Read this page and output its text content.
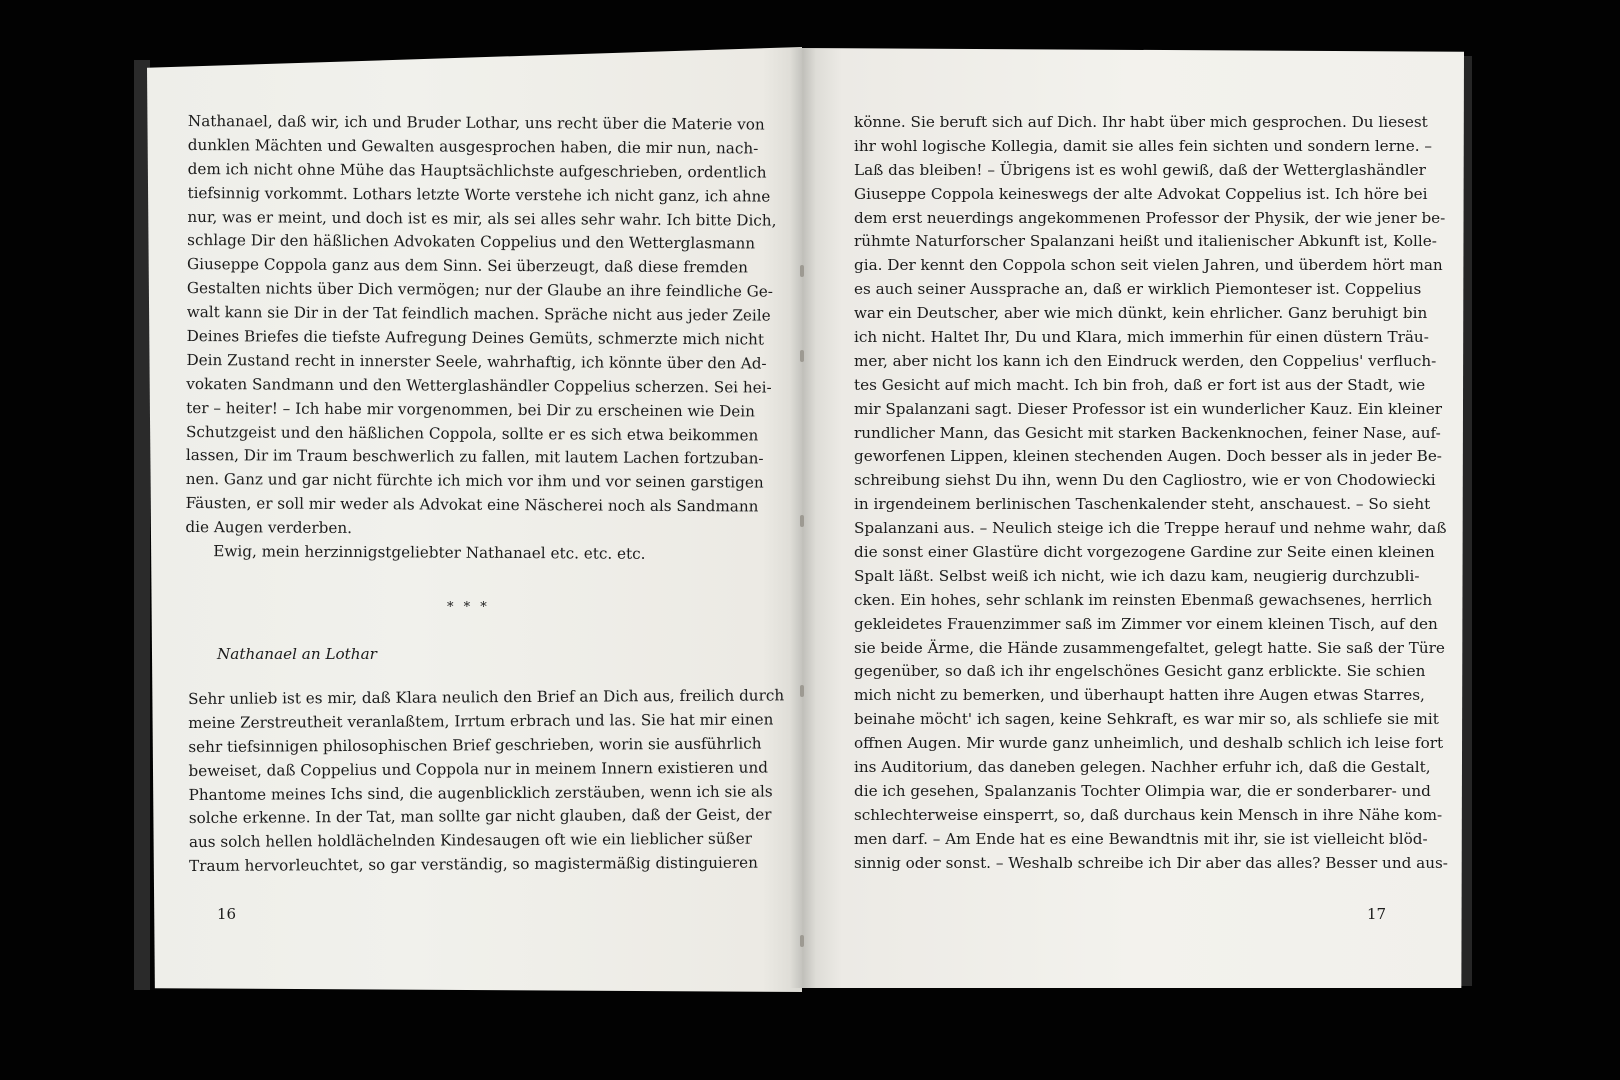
Nathanael, daß wir, ich und Bruder Lothar, uns recht über die Materie von
dunklen Mächten und Gewalten ausgesprochen haben, die mir nun, nach-
dem ich nicht ohne Mühe das Hauptsächlichste aufgeschrieben, ordentlich
tiefsinnig vorkommt. Lothars letzte Worte verstehe ich nicht ganz, ich ahne
nur, was er meint, und doch ist es mir, als sei alles sehr wahr. Ich bitte Dich,
schlage Dir den häßlichen Advokaten Coppelius und den Wetterglasmann
Giuseppe Coppola ganz aus dem Sinn. Sei überzeugt, daß diese fremden
Gestalten nichts über Dich vermögen; nur der Glaube an ihre feindliche Ge-
walt kann sie Dir in der Tat feindlich machen. Spräche nicht aus jeder Zeile
Deines Briefes die tiefste Aufregung Deines Gemüts, schmerzte mich nicht
Dein Zustand recht in innerster Seele, wahrhaftig, ich könnte über den Ad-
vokaten Sandmann und den Wetterglashändler Coppelius scherzen. Sei hei-
ter – heiter! – Ich habe mir vorgenommen, bei Dir zu erscheinen wie Dein
Schutzgeist und den häßlichen Coppola, sollte er es sich etwa beikommen
lassen, Dir im Traum beschwerlich zu fallen, mit lautem Lachen fortzuban-
nen. Ganz und gar nicht fürchte ich mich vor ihm und vor seinen garstigen
Fäusten, er soll mir weder als Advokat eine Näscherei noch als Sandmann
die Augen verderben.
Ewig, mein herzinnigstgeliebter Nathanael etc. etc. etc.
* * *
Nathanael an Lothar
Sehr unlieb ist es mir, daß Klara neulich den Brief an Dich aus, freilich durch
meine Zerstreutheit veranlaßtem, Irrtum erbrach und las. Sie hat mir einen
sehr tiefsinnigen philosophischen Brief geschrieben, worin sie ausführlich
beweiset, daß Coppelius und Coppola nur in meinem Innern existieren und
Phantome meines Ichs sind, die augenblicklich zerstäuben, wenn ich sie als
solche erkenne. In der Tat, man sollte gar nicht glauben, daß der Geist, der
aus solch hellen holdlächelnden Kindesaugen oft wie ein lieblicher süßer
Traum hervorleuchtet, so gar verständig, so magistermäßig distinguieren
16
könne. Sie beruft sich auf Dich. Ihr habt über mich gesprochen. Du liesest
ihr wohl logische Kollegia, damit sie alles fein sichten und sondern lerne. –
Laß das bleiben! – Übrigens ist es wohl gewiß, daß der Wetterglashändler
Giuseppe Coppola keineswegs der alte Advokat Coppelius ist. Ich höre bei
dem erst neuerdings angekommenen Professor der Physik, der wie jener be-
rühmte Naturforscher Spalanzani heißt und italienischer Abkunft ist, Kolle-
gia. Der kennt den Coppola schon seit vielen Jahren, und überdem hört man
es auch seiner Aussprache an, daß er wirklich Piemonteser ist. Coppelius
war ein Deutscher, aber wie mich dünkt, kein ehrlicher. Ganz beruhigt bin
ich nicht. Haltet Ihr, Du und Klara, mich immerhin für einen düstern Träu-
mer, aber nicht los kann ich den Eindruck werden, den Coppelius' verfluch-
tes Gesicht auf mich macht. Ich bin froh, daß er fort ist aus der Stadt, wie
mir Spalanzani sagt. Dieser Professor ist ein wunderlicher Kauz. Ein kleiner
rundlicher Mann, das Gesicht mit starken Backenknochen, feiner Nase, auf-
geworfenen Lippen, kleinen stechenden Augen. Doch besser als in jeder Be-
schreibung siehst Du ihn, wenn Du den Cagliostro, wie er von Chodowiecki
in irgendeinem berlinischen Taschenkalender steht, anschauest. – So sieht
Spalanzani aus. – Neulich steige ich die Treppe herauf und nehme wahr, daß
die sonst einer Glastüre dicht vorgezogene Gardine zur Seite einen kleinen
Spalt läßt. Selbst weiß ich nicht, wie ich dazu kam, neugierig durchzubli-
cken. Ein hohes, sehr schlank im reinsten Ebenmaß gewachsenes, herrlich
gekleidetes Frauenzimmer saß im Zimmer vor einem kleinen Tisch, auf den
sie beide Ärme, die Hände zusammengefaltet, gelegt hatte. Sie saß der Türe
gegenüber, so daß ich ihr engelschönes Gesicht ganz erblickte. Sie schien
mich nicht zu bemerken, und überhaupt hatten ihre Augen etwas Starres,
beinahe möcht' ich sagen, keine Sehkraft, es war mir so, als schliefe sie mit
offnen Augen. Mir wurde ganz unheimlich, und deshalb schlich ich leise fort
ins Auditorium, das daneben gelegen. Nachher erfuhr ich, daß die Gestalt,
die ich gesehen, Spalanzanis Tochter Olimpia war, die er sonderbarer- und
schlechterweise einsperrt, so, daß durchaus kein Mensch in ihre Nähe kom-
men darf. – Am Ende hat es eine Bewandtnis mit ihr, sie ist vielleicht blöd-
sinnig oder sonst. – Weshalb schreibe ich Dir aber das alles? Besser und aus-
17
